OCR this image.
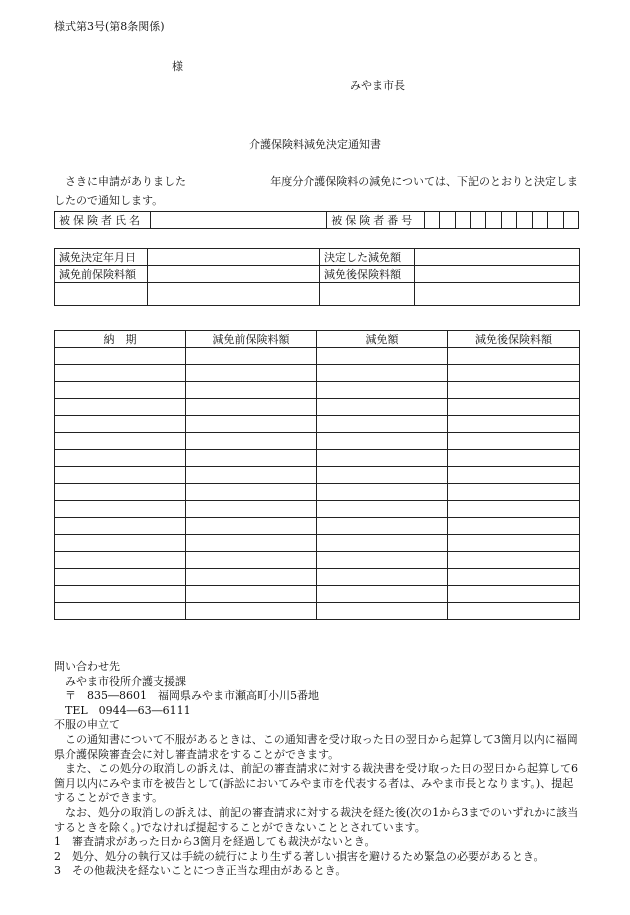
様式第3号(第8条関係)
様
みやま市長
介護保険料減免決定通知書
さきに申請がありました	年度分介護保険料の減免については、下記のとおりと決定しま
したので通知します。
被保険者氏名		被保険者番号										
減免決定年月日		決定した減免額	
減免前保険料額		減免後保険料額	

納　期	減免前保険料額	減免額	減免後保険料額

問い合わせ先

みやま市役所介護支援課

〒　835―8601　福岡県みやま市瀬高町小川5番地

TEL　0944―63―6111

不服の申立て

この通知書について不服があるときは、この通知書を受け取った日の翌日から起算して3箇月以内に福岡県介護保険審査会に対し審査請求をすることができます。

また、この処分の取消しの訴えは、前記の審査請求に対する裁決書を受け取った日の翌日から起算して6箇月以内にみやま市を被告として(訴訟においてみやま市を代表する者は、みやま市長となります。)、提起することができます。

なお、処分の取消しの訴えは、前記の審査請求に対する裁決を経た後(次の1から3までのいずれかに該当するときを除く。)でなければ提起することができないこととされています。

1　審査請求があった日から3箇月を経過しても裁決がないとき。

2　処分、処分の執行又は手続の続行により生ずる著しい損害を避けるため緊急の必要があるとき。

3　その他裁決を経ないことにつき正当な理由があるとき。
